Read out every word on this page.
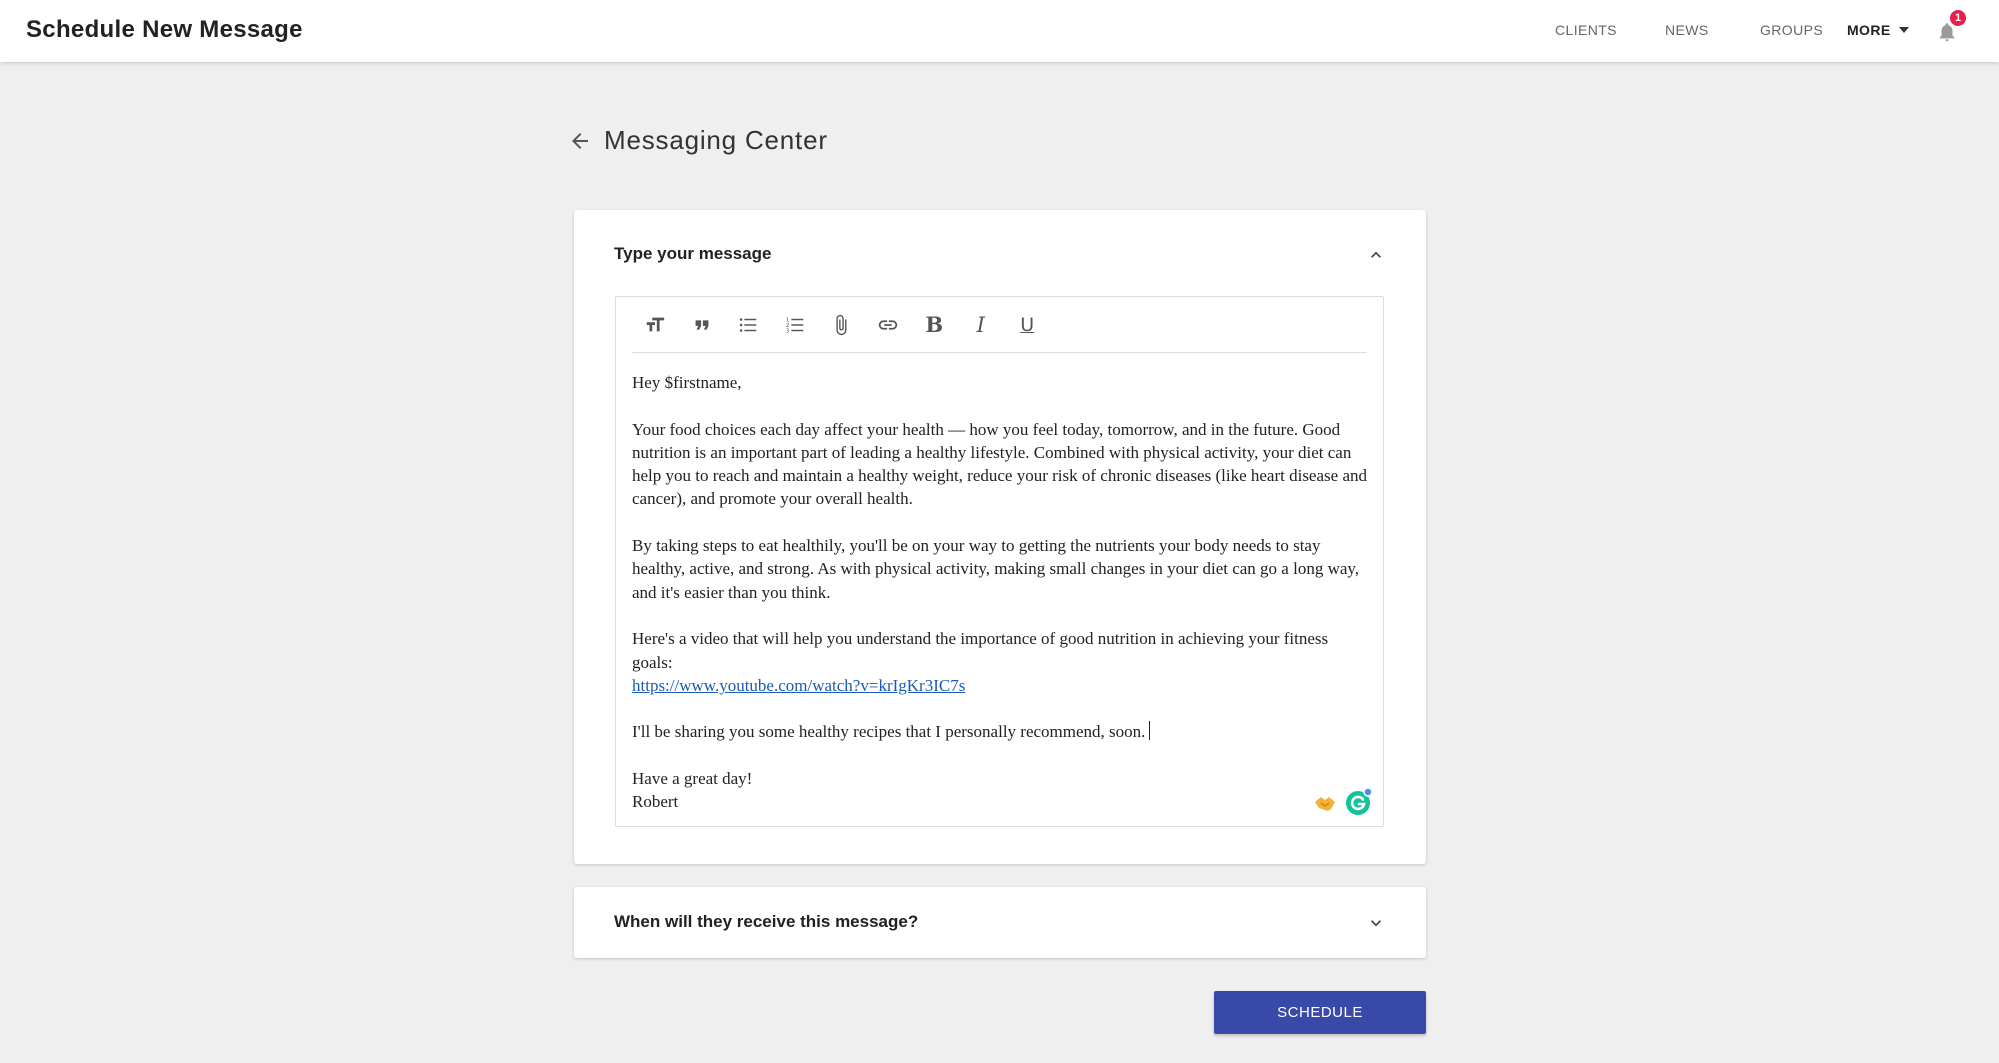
Schedule New Message	CLIENTS	NEWS	GROUPS MORE
1
Messaging Center
Type your message
1
2
3	B I U

Hey $firstname,

Your food choices each day affect your health — how you feel today, tomorrow, and in the future. Good nutrition is an important part of leading a healthy lifestyle. Combined with physical activity, your diet can help you to reach and maintain a healthy weight, reduce your risk of chronic diseases (like heart disease and cancer), and promote your overall health.

By taking steps to eat healthily, you'll be on your way to getting the nutrients your body needs to stay healthy, active, and strong. As with physical activity, making small changes in your diet can go a long way, and it's easier than you think.

Here's a video that will help you understand the importance of good nutrition in achieving your fitness goals:

https://www.youtube.com/watch?v=krIgKr3IC7s

I'll be sharing you some healthy recipes that I personally recommend, soon.

Have a great day!

Robert

When will they receive this message?
SCHEDULE
